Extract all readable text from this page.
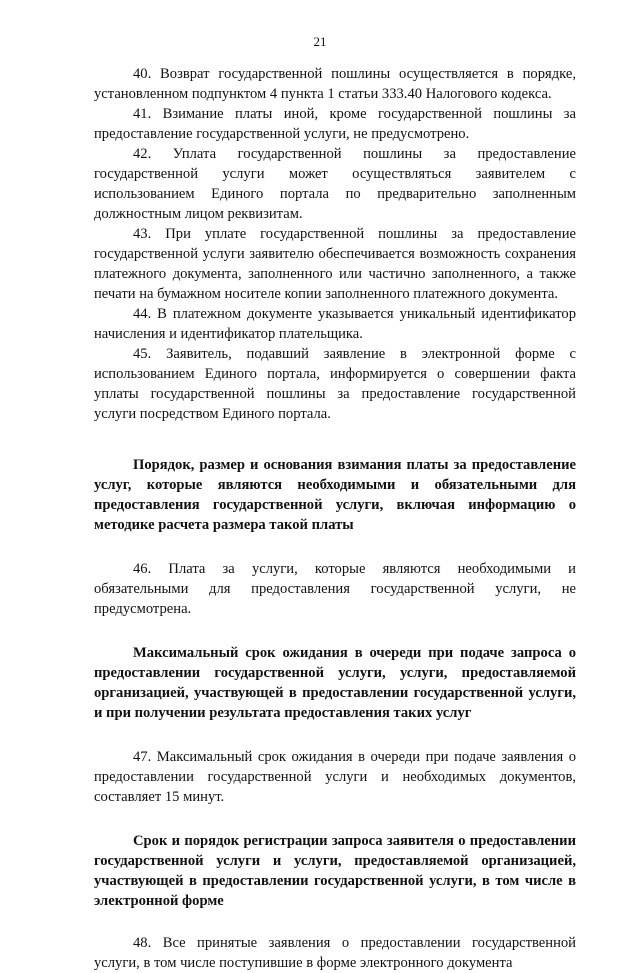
21

40. Возврат государственной пошлины осуществляется в порядке, установленном подпунктом 4 пункта 1 статьи 333.40 Налогового кодекса.

41. Взимание платы иной, кроме государственной пошлины за предоставление государственной услуги, не предусмотрено.

42. Уплата государственной пошлины за предоставление государственной услуги может осуществляться заявителем с использованием Единого портала по предварительно заполненным должностным лицом реквизитам.

43. При уплате государственной пошлины за предоставление государственной услуги заявителю обеспечивается возможность сохранения платежного документа, заполненного или частично заполненного, а также печати на бумажном носителе копии заполненного платежного документа.

44. В платежном документе указывается уникальный идентификатор начисления и идентификатор плательщика.

45. Заявитель, подавший заявление в электронной форме с использованием Единого портала, информируется о совершении факта уплаты государственной пошлины за предоставление государственной услуги посредством Единого портала.

Порядок, размер и основания взимания платы за предоставление услуг, которые являются необходимыми и обязательными для предоставления государственной услуги, включая информацию о методике расчета размера такой платы

46. Плата за услуги, которые являются необходимыми и обязательными для предоставления государственной услуги, не предусмотрена.

Максимальный срок ожидания в очереди при подаче запроса о предоставлении государственной услуги, услуги, предоставляемой организацией, участвующей в предоставлении государственной услуги, и при получении результата предоставления таких услуг

47. Максимальный срок ожидания в очереди при подаче заявления о предоставлении государственной услуги и необходимых документов, составляет 15 минут.

Срок и порядок регистрации запроса заявителя о предоставлении государственной услуги и услуги, предоставляемой организацией, участвующей в предоставлении государственной услуги, в том числе в электронной форме

48. Все принятые заявления о предоставлении государственной услуги, в том числе поступившие в форме электронного документа
